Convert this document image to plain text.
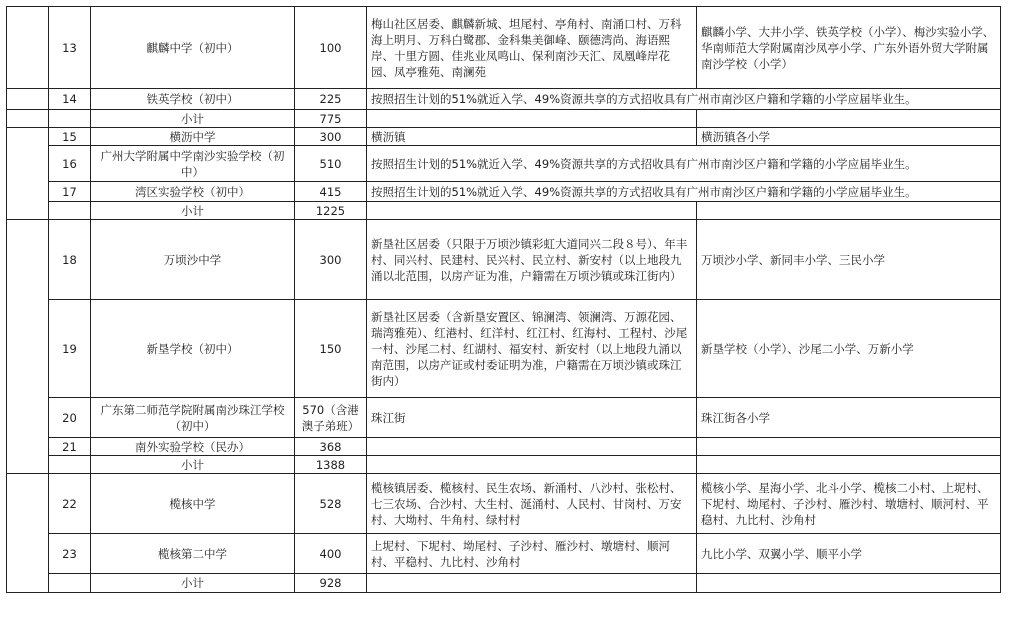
	13	麒麟中学（初中）	100	梅山社区居委、麒麟新城、坦尾村、亭角村、南涌口村、万科海上明月、万科白鹭郡、金科集美御峰、颐德湾尚、海语熙岸、十里方圆、佳兆业凤鸣山、保利南沙天汇、凤凰峰岸花园、凤亭雅苑、南澜苑	麒麟小学、大井小学、铁英学校（小学）、梅沙实验小学、华南师范大学附属南沙凤亭小学、广东外语外贸大学附属南沙学校（小学）
	14	铁英学校（初中）	225	按照招生计划的51%就近入学、49%资源共享的方式招收具有广州市南沙区户籍和学籍的小学应届毕业生。	
		小计	775		
	15	横沥中学	300	横沥镇	横沥镇各小学
	16	广州大学附属中学南沙实验学校（初中）	510	按照招生计划的51%就近入学、49%资源共享的方式招收具有广州市南沙区户籍和学籍的小学应届毕业生。	
	17	湾区实验学校（初中）	415	按照招生计划的51%就近入学、49%资源共享的方式招收具有广州市南沙区户籍和学籍的小学应届毕业生。	
		小计	1225		
	18	万顷沙中学	300	新垦社区居委（只限于万顷沙镇彩虹大道同兴二段８号）、年丰村、同兴村、民建村、民兴村、民立村、新安村（以上地段九涌以北范围，以房产证为准，户籍需在万顷沙镇或珠江街内）	万顷沙小学、新同丰小学、三民小学
	19	新垦学校（初中）	150	新垦社区居委（含新垦安置区、锦澜湾、领澜湾、万源花园、瑞湾雅苑）、红港村、红洋村、红江村、红海村、工程村、沙尾一村、沙尾二村、红湖村、福安村、新安村（以上地段九涌以南范围，以房产证或村委证明为准，户籍需在万顷沙镇或珠江街内）	新垦学校（小学）、沙尾二小学、万新小学
	20	广东第二师范学院附属南沙珠江学校（初中）	570（含港澳子弟班）	珠江街	珠江街各小学
	21	南外实验学校（民办）	368		
		小计	1388		
	22	榄核中学	528	榄核镇居委、榄核村、民生农场、新涌村、八沙村、张松村、七三农场、合沙村、大生村、涎涌村、人民村、甘岗村、万安村、大坳村、牛角村、绿村村	榄核小学、星海小学、北斗小学、榄核二小村、上坭村、下坭村、坳尾村、子沙村、雁沙村、墩塘村、顺河村、平稳村、九比村、沙角村
	23	榄核第二中学	400	上坭村、下坭村、坳尾村、子沙村、雁沙村、墩塘村、顺河村、平稳村、九比村、沙角村	九比小学、双翼小学、顺平小学
		小计	928		
